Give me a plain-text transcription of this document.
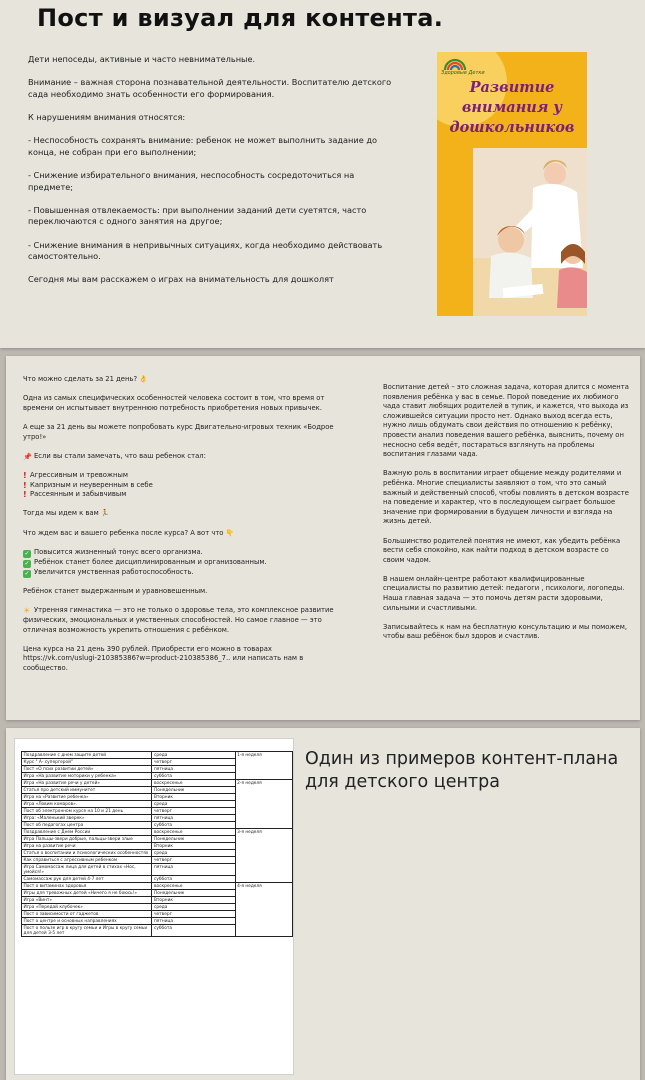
Пост и визуал для контента.

Дети непоседы, активные и часто невнимательные.

Внимание – важная сторона познавательной деятельности. Воспитателю детского сада необходимо знать особенности его формирования.

К нарушениям внимания относятся:

- Неспособность сохранять внимание: ребенок не может выполнить задание до конца, не собран при его выполнении;

- Снижение избирательного внимания, неспособность сосредоточиться на предмете;

- Повышенная отвлекаемость: при выполнении заданий дети суетятся, часто переключаются с одного занятия на другое;

- Снижение внимания в непривычных ситуациях, когда необходимо действовать самостоятельно.

Сегодня мы вам расскажем о играх на внимательность для дошколят

Здоровые Детки
Развитие
внимания у
дошкольников

Что можно сделать за 21 день? 👌

Одна из самых специфических особенностей человека состоит в том, что время от времени он испытывает внутреннюю потребность приобретения новых привычек.

А еще за 21 день вы можете попробовать курс Двигательно-игровых техник «Бодрое утро!»

📌 Если вы стали замечать, что ваш ребенок стал:

!Агрессивным и тревожным
!Капризным и неуверенным в себе
!Рассеянным и забывчивым

Тогда мы идем к вам 🏃

Что ждем вас и вашего ребенка после курса? А вот что 👇

✓ Повысится жизненный тонус всего организма.
✓ Ребёнок станет более дисциплинированным и организованным.
✓ Увеличится умственная работоспособность.

Ребёнок станет выдержанным и уравновешенным.

☀ Утренняя гимнастика — это не только о здоровье тела, это комплексное развитие физических, эмоциональных и умственных способностей. Но самое главное — это отличная возможность укрепить отношения с ребёнком.

Цена курса на 21 день 390 рублей. Приобрести его можно в товарах https://vk.com/uslugi-210385386?w=product-210385386_7.. или написать нам в сообщество.

Воспитание детей – это сложная задача, которая длится с момента появления ребёнка у вас в семье. Порой поведение их любимого чада ставит любящих родителей в тупик, и кажется, что выхода из сложившейся ситуации просто нет. Однако выход всегда есть, нужно лишь обдумать свои действия по отношению к ребёнку, провести анализ поведения вашего ребёнка, выяснить, почему он несносно себя ведёт, постараться взглянуть на проблемы воспитания глазами чада.

Важную роль в воспитании играет общение между родителями и ребёнка. Многие специалисты заявляют о том, что это самый важный и действенный способ, чтобы повлиять в детском возрасте на поведение и характер, что в последующем сыграет большое значение при формировании в будущем личности и взгляда на жизнь детей.

Большинство родителей понятия не имеют, как убедить ребёнка вести себя спокойно, как найти подход в детском возрасте со своим чадом.

В нашем онлайн-центре работают квалифицированные специалисты по развитию детей: педагоги , психологи, логопеды.
Наша главная задача — это помочь детям расти здоровыми, сильными и счастливыми.

Записывайтесь к нам на бесплатную консультацию и мы поможем, чтобы ваш ребёнок был здоров и счастлив.

Поздравление с днем защите детей	среда	1-я неделя
Курс " А- супергерой"	четверг	
Пост «О псих развитии детей»	пятница	
Игра «На развитие моторики у ребенка»	суббота	
Игра «На развитие речи у детей»	воскресенье	2-я неделя
Статья про детский иммунитет	Понедельник	
Игра на «Развитие ребенка»	Вторник	
Игра «Ловим комаров».	среда	
Пост об электронном курсе на 10 и 21 день	четверг	
Игра: «Маленький зверек»	пятница	
Пост об педагогах центра	суббота	
Поздравление с Днем России	воскресенье	3-я неделя
Игра Пальцы-звери добрые, пальцы-звери злые	Понедельник	
Игра на развитие речи	Вторник	
Статья о воспитании и психологических особенностях	среда	
Как справиться с агрессивным ребенком	четверг	
Игра Самомассаж лица для детей в стихах «Нос, умойся!»	пятница	
Самомассаж рук для детей 4-7 лет	суббота	
Пост о витаминах здоровья	воскресенье	4-я неделя
Игры для тревожных детей «Ничего я не боюсь!»	Понедельник	
Игра «Винт»	Вторник	
Игра «Передай клубочек»	среда	
Пост о зависимости от гаджетов	четверг	
Пост о центре и основных направлениях	пятница	
Пост о пользе игр в кругу семьи и Игры в кругу семьи для детей 3-5 лет	суббота	
Один из примеров контент-плана для детского центра
